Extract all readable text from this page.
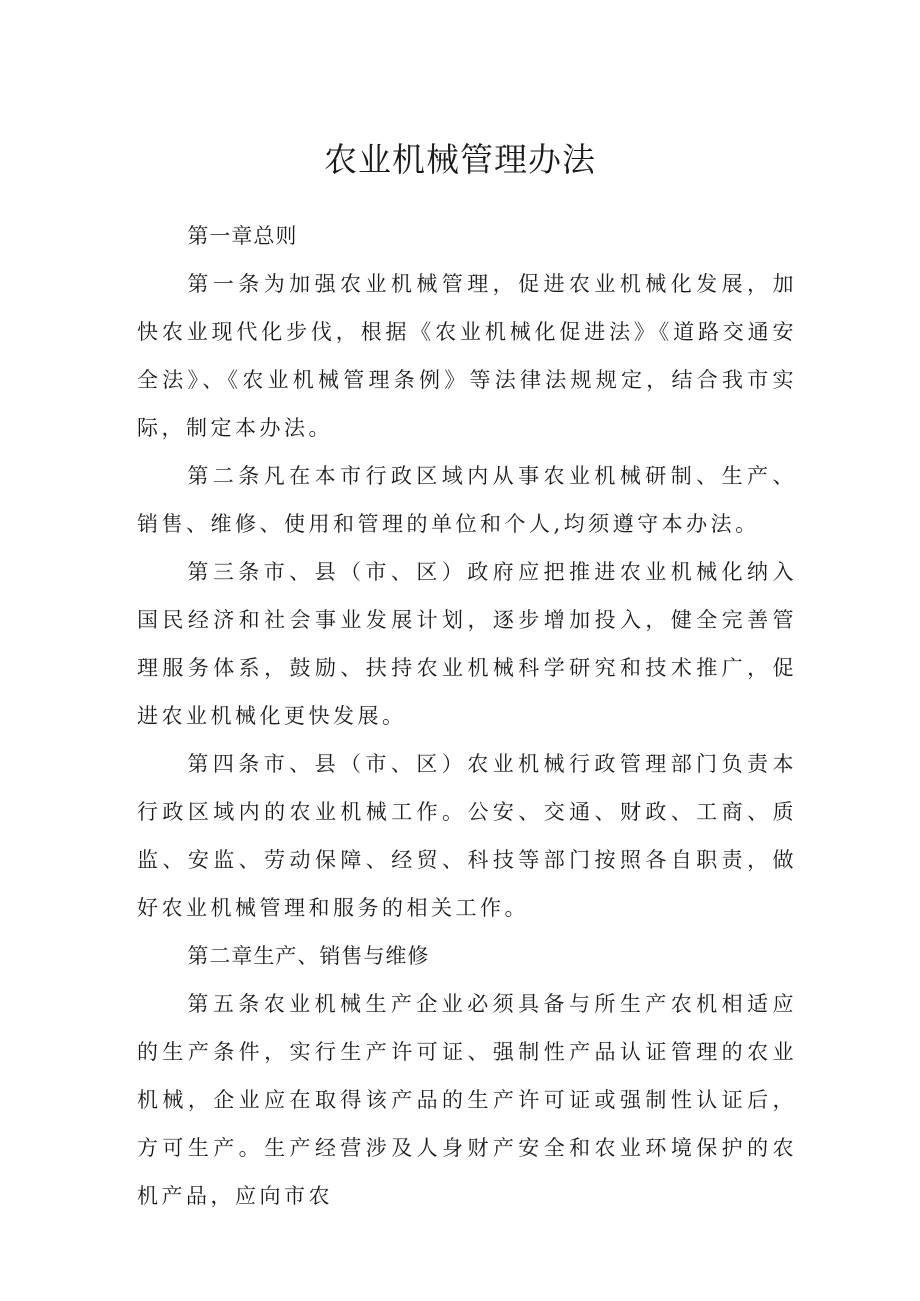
农业机械管理办法

第一章总则

第一条为加强农业机械管理，促进农业机械化发展，加快农业现代化步伐，根据《农业机械化促进法》《道路交通安全法》、《农业机械管理条例》等法律法规规定，结合我市实际，制定本办法。

第二条凡在本市行政区域内从事农业机械研制、生产、销售、维修、使用和管理的单位和个人,均须遵守本办法。

第三条市、县（市、区）政府应把推进农业机械化纳入国民经济和社会事业发展计划，逐步增加投入，健全完善管理服务体系，鼓励、扶持农业机械科学研究和技术推广，促进农业机械化更快发展。

第四条市、县（市、区）农业机械行政管理部门负责本行政区域内的农业机械工作。公安、交通、财政、工商、质监、安监、劳动保障、经贸、科技等部门按照各自职责，做好农业机械管理和服务的相关工作。

第二章生产、销售与维修

第五条农业机械生产企业必须具备与所生产农机相适应的生产条件，实行生产许可证、强制性产品认证管理的农业机械，企业应在取得该产品的生产许可证或强制性认证后，方可生产。生产经营涉及人身财产安全和农业环境保护的农机产品，应向市农
